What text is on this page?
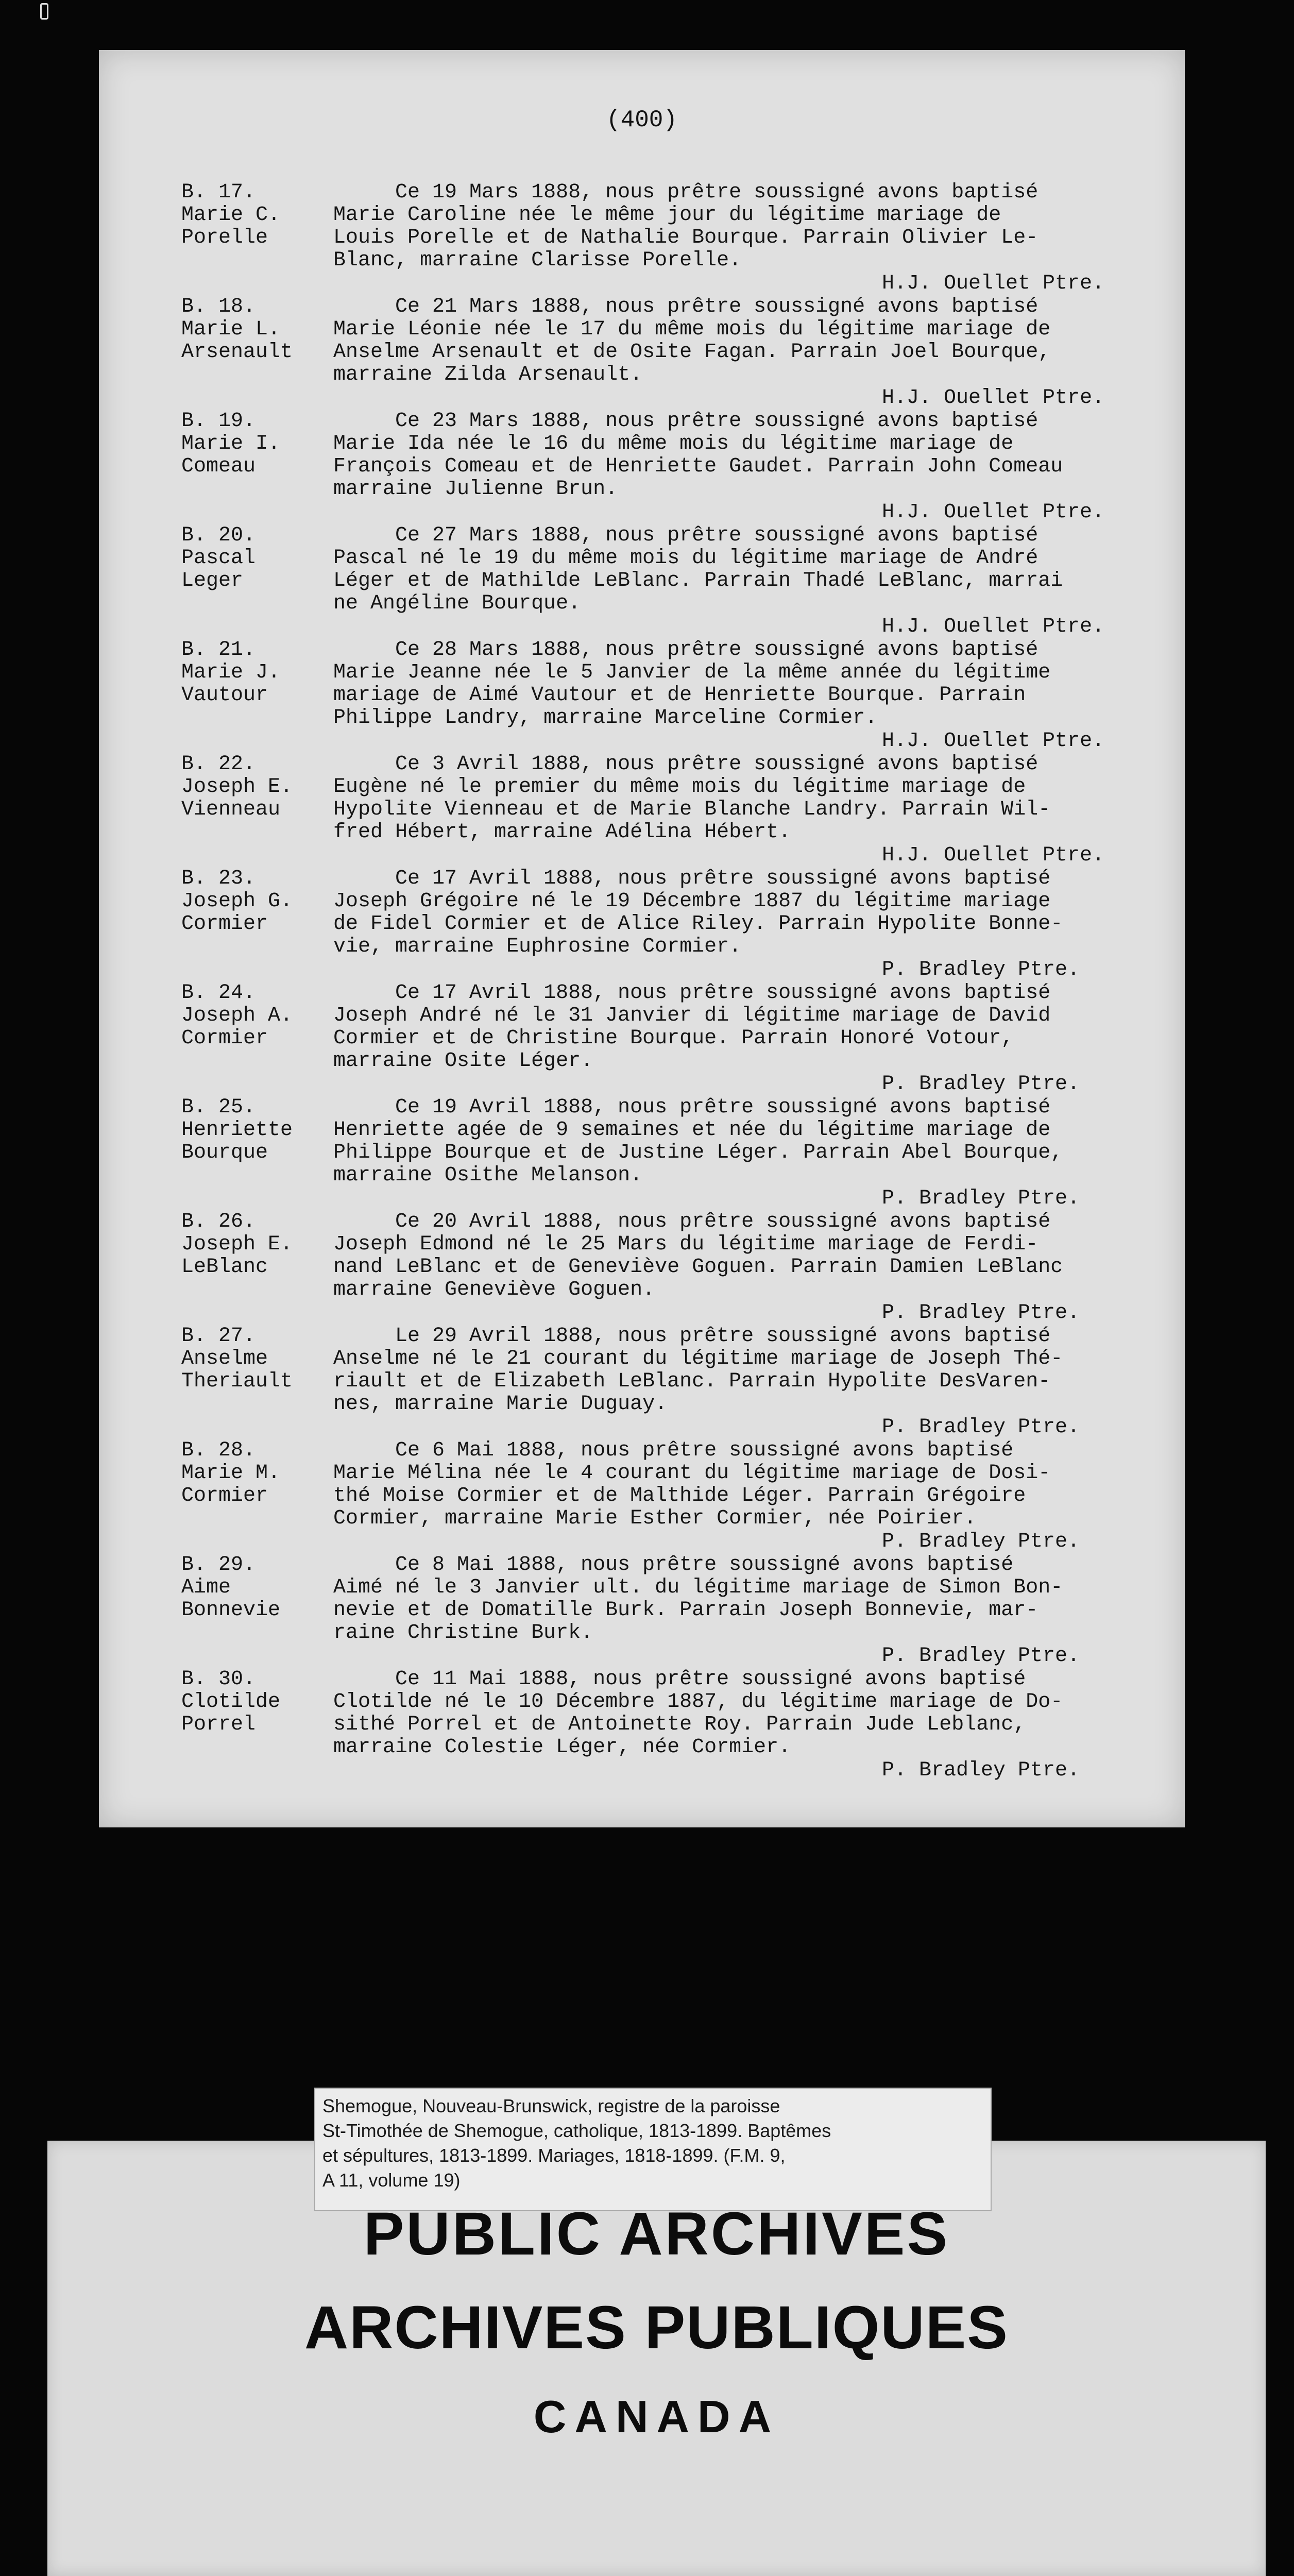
(400)
B. 17.
Marie C.
Porelle
Ce 19 Mars 1888, nous prêtre soussigné avons baptisé
Marie Caroline née le même jour du légitime mariage de
Louis Porelle et de Nathalie Bourque. Parrain Olivier Le-
Blanc, marraine Clarisse Porelle.
H.J. Ouellet Ptre.
B. 18.
Marie L.
Arsenault
Ce 21 Mars 1888, nous prêtre soussigné avons baptisé
Marie Léonie née le 17 du même mois du légitime mariage de
Anselme Arsenault et de Osite Fagan. Parrain Joel Bourque,
marraine Zilda Arsenault.
H.J. Ouellet Ptre.
B. 19.
Marie I.
Comeau
Ce 23 Mars 1888, nous prêtre soussigné avons baptisé
Marie Ida née le 16 du même mois du légitime mariage de
François Comeau et de Henriette Gaudet. Parrain John Comeau
marraine Julienne Brun.
H.J. Ouellet Ptre.
B. 20.
Pascal
Leger
Ce 27 Mars 1888, nous prêtre soussigné avons baptisé
Pascal né le 19 du même mois du légitime mariage de André
Léger et de Mathilde LeBlanc. Parrain Thadé LeBlanc, marrai
ne Angéline Bourque.
H.J. Ouellet Ptre.
B. 21.
Marie J.
Vautour
Ce 28 Mars 1888, nous prêtre soussigné avons baptisé
Marie Jeanne née le 5 Janvier de la même année du légitime
mariage de Aimé Vautour et de Henriette Bourque. Parrain
Philippe Landry, marraine Marceline Cormier.
H.J. Ouellet Ptre.
B. 22.
Joseph E.
Vienneau
Ce 3 Avril 1888, nous prêtre soussigné avons baptisé
Eugène né le premier du même mois du légitime mariage de
Hypolite Vienneau et de Marie Blanche Landry. Parrain Wil-
fred Hébert, marraine Adélina Hébert.
H.J. Ouellet Ptre.
B. 23.
Joseph G.
Cormier
Ce 17 Avril 1888, nous prêtre soussigné avons baptisé
Joseph Grégoire né le 19 Décembre 1887 du légitime mariage
de Fidel Cormier et de Alice Riley. Parrain Hypolite Bonne-
vie, marraine Euphrosine Cormier.
P. Bradley Ptre.
B. 24.
Joseph A.
Cormier
Ce 17 Avril 1888, nous prêtre soussigné avons baptisé
Joseph André né le 31 Janvier di légitime mariage de David
Cormier et de Christine Bourque. Parrain Honoré Votour,
marraine Osite Léger.
P. Bradley Ptre.
B. 25.
Henriette
Bourque
Ce 19 Avril 1888, nous prêtre soussigné avons baptisé
Henriette agée de 9 semaines et née du légitime mariage de
Philippe Bourque et de Justine Léger. Parrain Abel Bourque,
marraine Osithe Melanson.
P. Bradley Ptre.
B. 26.
Joseph E.
LeBlanc
Ce 20 Avril 1888, nous prêtre soussigné avons baptisé
Joseph Edmond né le 25 Mars du légitime mariage de Ferdi-
nand LeBlanc et de Geneviève Goguen. Parrain Damien LeBlanc
marraine Geneviève Goguen.
P. Bradley Ptre.
B. 27.
Anselme
Theriault
Le 29 Avril 1888, nous prêtre soussigné avons baptisé
Anselme né le 21 courant du légitime mariage de Joseph Thé-
riault et de Elizabeth LeBlanc. Parrain Hypolite DesVaren-
nes, marraine Marie Duguay.
P. Bradley Ptre.
B. 28.
Marie M.
Cormier
Ce 6 Mai 1888, nous prêtre soussigné avons baptisé
Marie Mélina née le 4 courant du légitime mariage de Dosi-
thé Moise Cormier et de Malthide Léger. Parrain Grégoire
Cormier, marraine Marie Esther Cormier, née Poirier.
P. Bradley Ptre.
B. 29.
Aime
Bonnevie
Ce 8 Mai 1888, nous prêtre soussigné avons baptisé
Aimé né le 3 Janvier ult. du légitime mariage de Simon Bon-
nevie et de Domatille Burk. Parrain Joseph Bonnevie, mar-
raine Christine Burk.
P. Bradley Ptre.
B. 30.
Clotilde
Porrel
Ce 11 Mai 1888, nous prêtre soussigné avons baptisé
Clotilde né le 10 Décembre 1887, du légitime mariage de Do-
sithé Porrel et de Antoinette Roy. Parrain Jude Leblanc,
marraine Colestie Léger, née Cormier.
P. Bradley Ptre.
Shemogue, Nouveau-Brunswick, registre de la paroisse
St-Timothée de Shemogue, catholique, 1813-1899. Baptêmes
et sépultures, 1813-1899. Mariages, 1818-1899. (F.M. 9,
A 11, volume 19)
PUBLIC ARCHIVES
ARCHIVES PUBLIQUES
CANADA
